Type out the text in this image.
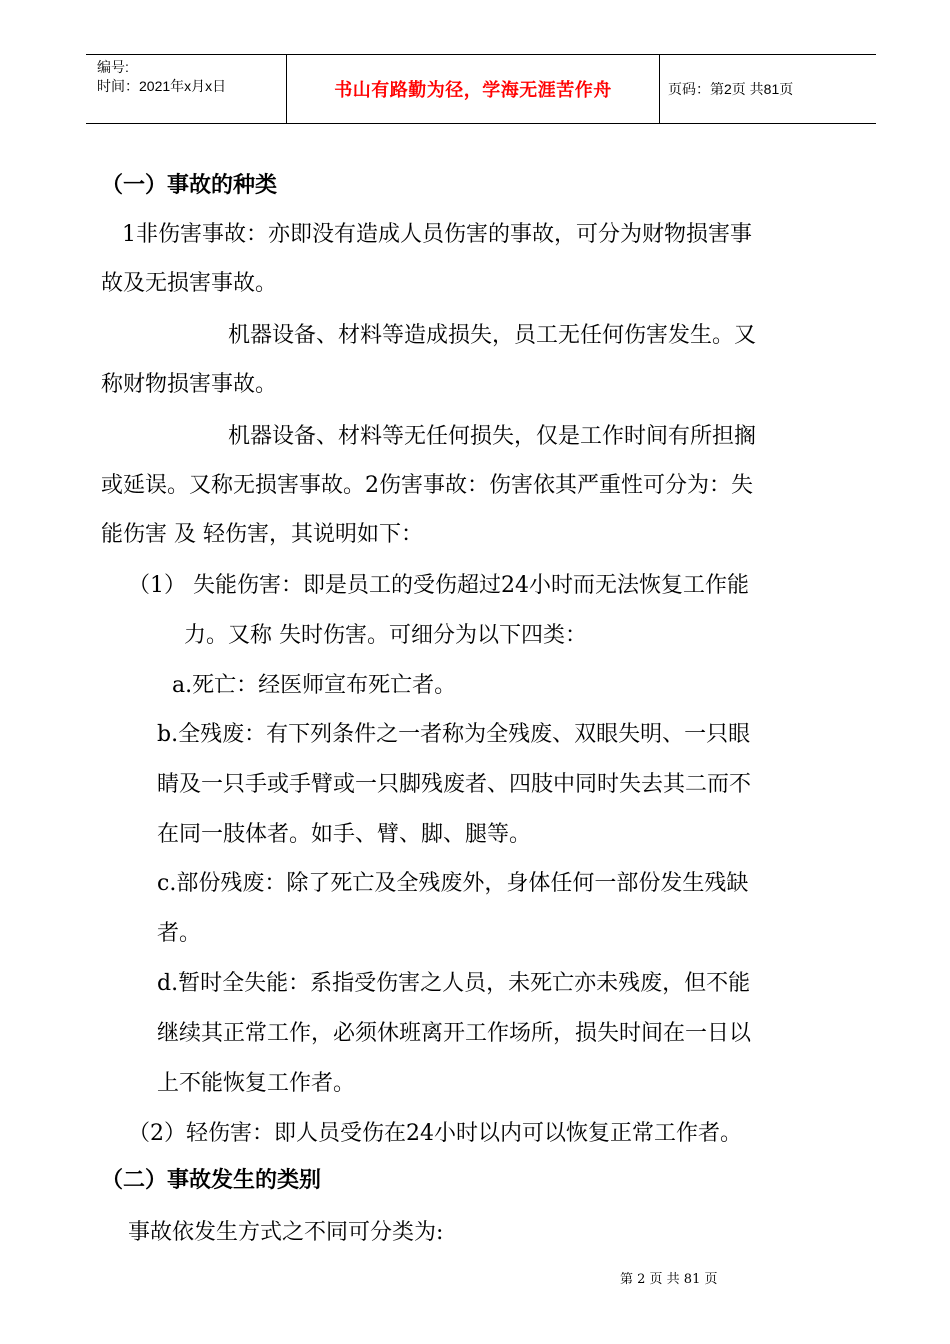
编号:
时间：2021年x月x日	书山有路勤为径，学海无涯苦作舟	页码：第2页 共81页
（一）事故的种类
1非伤害事故：亦即没有造成人员伤害的事故，可分为财物损害事
故及无损害事故。
机器设备、材料等造成损失，员工无任何伤害发生。又
称财物损害事故。
机器设备、材料等无任何损失，仅是工作时间有所担搁
或延误。又称无损害事故。2伤害事故：伤害依其严重性可分为：失
能伤害 及 轻伤害，其说明如下：
（1） 失能伤害：即是员工的受伤超过24小时而无法恢复工作能
力。又称 失时伤害。可细分为以下四类：
a.死亡：经医师宣布死亡者。
b.全残废：有下列条件之一者称为全残废、双眼失明、一只眼
睛及一只手或手臂或一只脚残废者、四肢中同时失去其二而不
在同一肢体者。如手、臂、脚、腿等。
c.部份残废：除了死亡及全残废外，身体任何一部份发生残缺
者。
d.暂时全失能：系指受伤害之人员，未死亡亦未残废，但不能
继续其正常工作，必须休班离开工作场所，损失时间在一日以
上不能恢复工作者。
（2）轻伤害：即人员受伤在24小时以内可以恢复正常工作者。
（二）事故发生的类别
事故依发生方式之不同可分类为:
第 2 页 共 81 页
